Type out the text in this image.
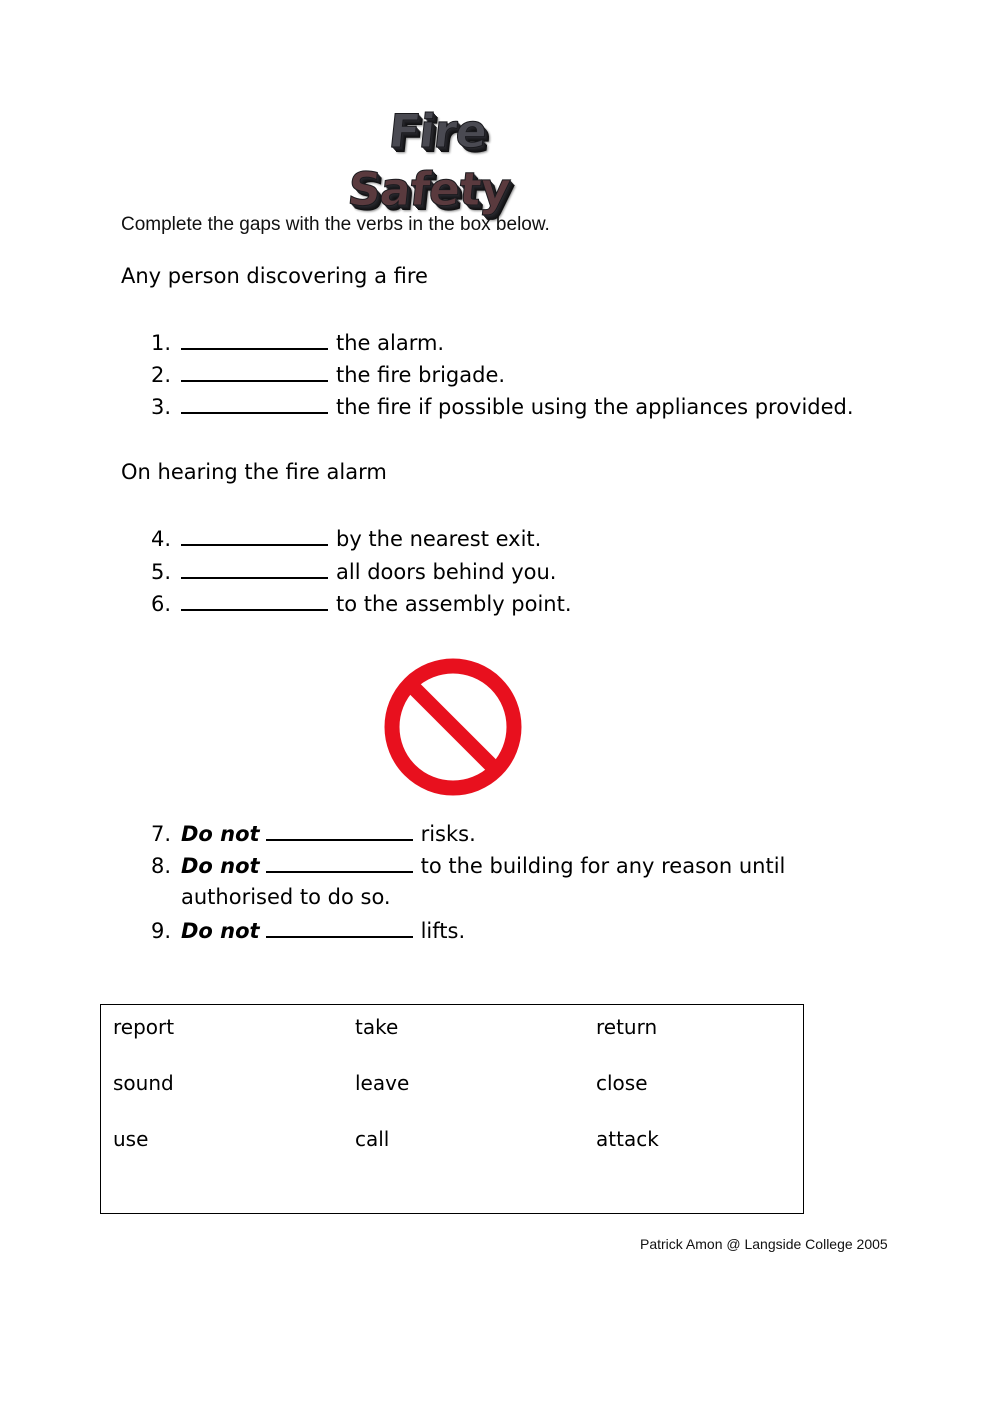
Fire
Safety
Complete the gaps with the verbs in the box below.
Any person discovering a fire
1.	the alarm.
2.	the fire brigade.
3.	the fire if possible using the appliances provided.
On hearing the fire alarm
4.	by the nearest exit.
5.	all doors behind you.
6.	to the assembly point.
7. Do not	risks.
8. Do not	to the building for any reason until
authorised to do so.
9. Do not	lifts.
report	take	return
sound	leave	close
use	call	attack
Patrick Amon @ Langside College 2005
